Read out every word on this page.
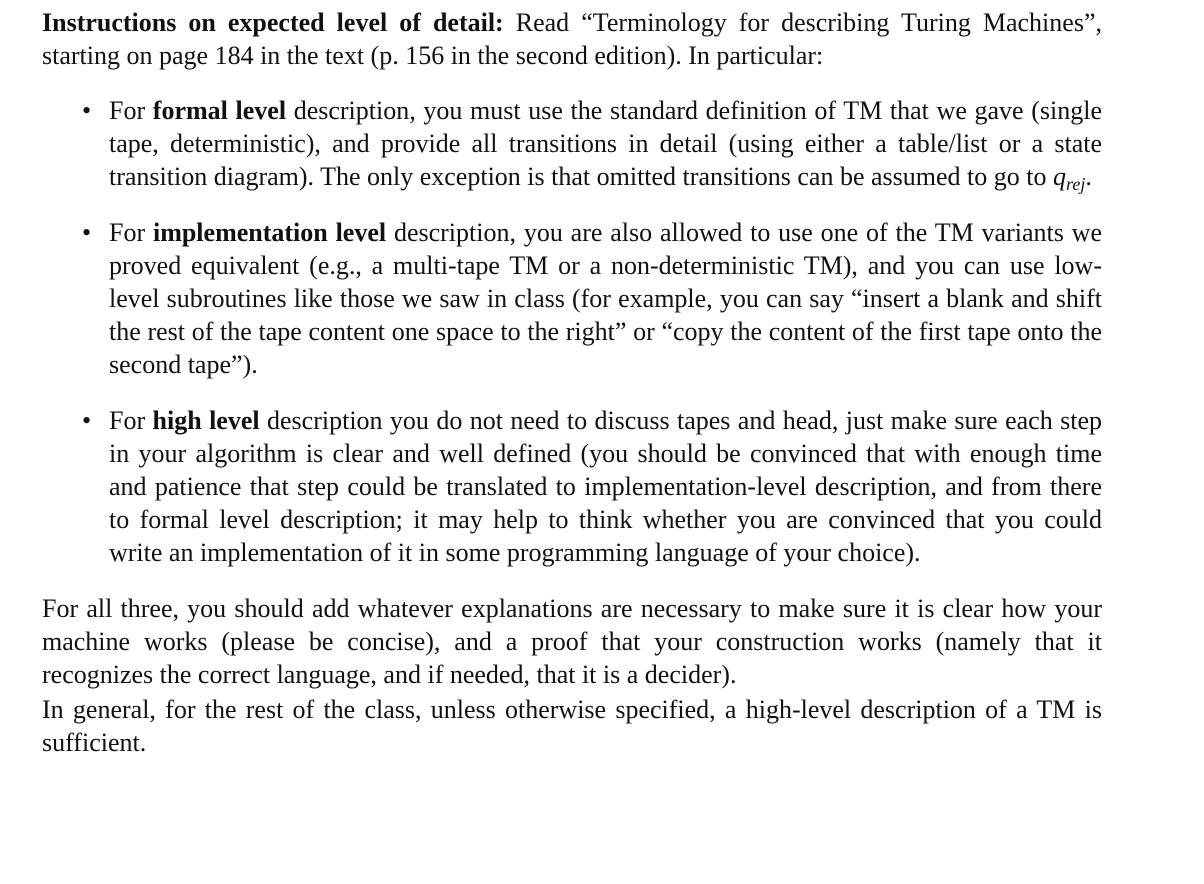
Instructions on expected level of detail: Read “Terminology for describing Turing Machines”, starting on page 184 in the text (p. 156 in the second edition). In particular:

• For formal level description, you must use the standard definition of TM that we gave (single tape, deterministic), and provide all transitions in detail (using either a table/list or a state transition diagram). The only exception is that omitted transitions can be assumed to go to $q_{rej}$.
• For implementation level description, you are also allowed to use one of the TM variants we proved equivalent (e.g., a multi-tape TM or a non-deterministic TM), and you can use low-level subroutines like those we saw in class (for example, you can say “insert a blank and shift the rest of the tape content one space to the right” or “copy the content of the first tape onto the second tape”).
• For high level description you do not need to discuss tapes and head, just make sure each step in your algorithm is clear and well defined (you should be convinced that with enough time and patience that step could be translated to implementation-level description, and from there to formal level description; it may help to think whether you are convinced that you could write an implementation of it in some programming language of your choice).

For all three, you should add whatever explanations are necessary to make sure it is clear how your machine works (please be concise), and a proof that your construction works (namely that it recognizes the correct language, and if needed, that it is a decider).

In general, for the rest of the class, unless otherwise specified, a high-level description of a TM is sufficient.
